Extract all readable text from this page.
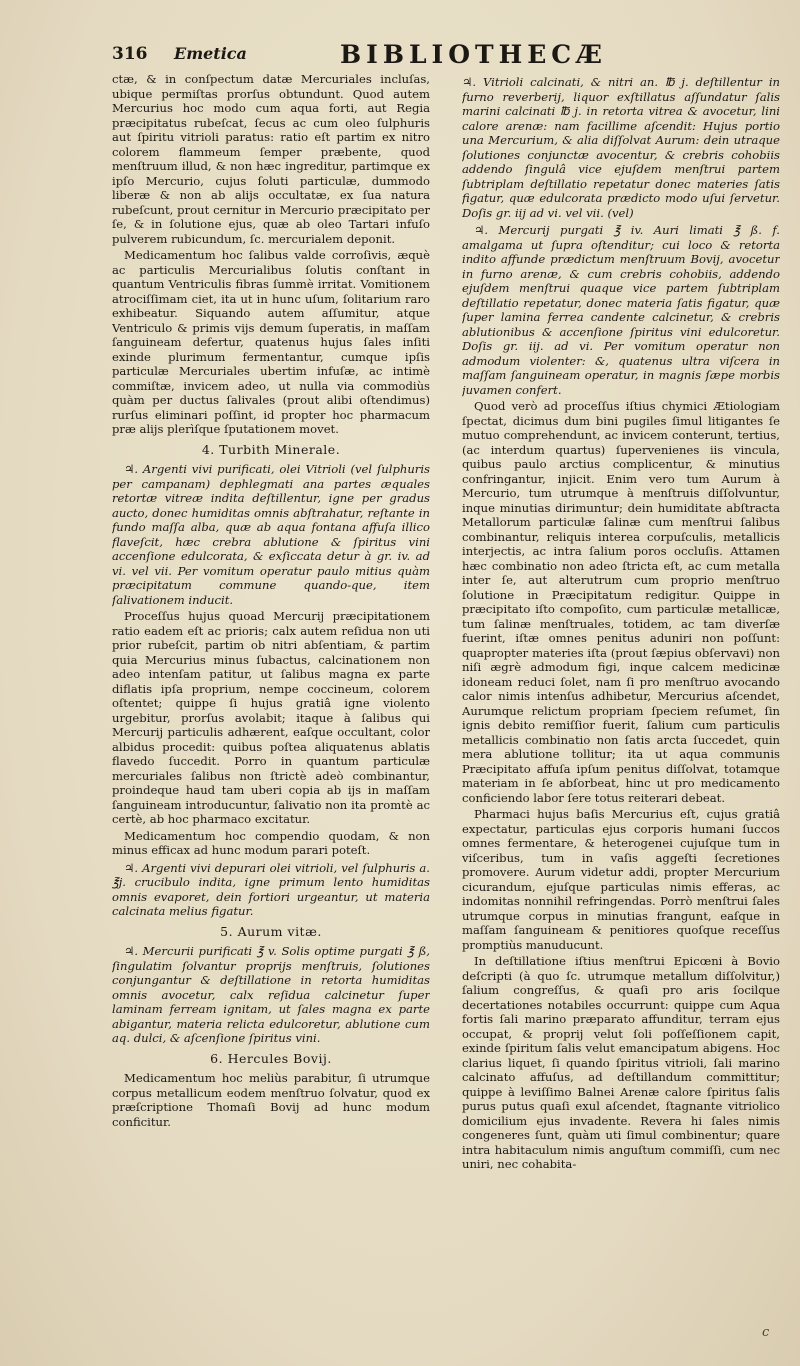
316 Emetica	BIBLIOTHECÆ

ctæ, & in conſpectum datæ Mercuriales incluſas, ubique permiſtas prorſus obtundunt. Quod autem Mercurius hoc modo cum aqua forti, aut Regia præcipitatus rubeſcat, ſecus ac cum oleo ſulphuris aut ſpiritu vitrioli paratus: ratio eſt partim ex nitro colorem flammeum ſemper præbente, quod menſtruum illud, & non hæc ingreditur, partimque ex ipſo Mercurio, cujus ſoluti particulæ, dummodo liberæ & non ab alijs occultatæ, ex ſua natura rubeſcunt, prout cernitur in Mercurio præcipitato per ſe, & in ſolutione ejus, quæ ab oleo Tartari infuſo pulverem rubicundum, ſc. mercurialem deponit.

Medicamentum hoc ſalibus valde corroſivis, æquè ac particulis Mercurialibus ſolutis conſtant in quantum Ventriculis fibras ſummè irritat. Vomitionem atrociſſimam ciet, ita ut in hunc uſum, ſolitarium raro exhibeatur. Siquando autem aſſumitur, atque Ventriculo & primis vijs demum ſuperatis, in maſſam ſanguineam defertur, quatenus hujus ſales inſiti exinde plurimum fermentantur, cumque ipſis particulæ Mercuriales ubertim infuſæ, ac intimè commiſtæ, invicem adeo, ut nulla via commodiùs quàm per ductus ſalivales (prout alibi oſtendimus) rurſus eliminari poſſint, id propter hoc pharmacum præ alijs plerìſque ſputationem movet.

4. Turbith Minerale.

♃. Argenti vivi purificati, olei Vitrioli (vel ſulphuris per campanam) dephlegmati ana partes æquales retortæ vitreæ indita deſtillentur, igne per gradus aucto, donec humiditas omnis abſtrahatur, reſtante in fundo maſſa alba, quæ ab aqua fontana affuſa illico flaveſcit, hæc crebra ablutione & ſpiritus vini accenſione edulcorata, & exſiccata detur à gr. iv. ad vi. vel vii. Per vomitum operatur paulo mitius quàm præcipitatum commune quando-que, item ſalivationem inducit.

Proceſſus hujus quoad Mercurij præcipitationem ratio eadem eſt ac prioris; calx autem reſidua non uti prior rubeſcit, partim ob nitri abſentiam, & partim quia Mercurius minus ſubactus, calcinationem non adeo intenſam patitur, ut ſalibus magna ex parte diflatis ipſa proprium, nempe coccineum, colorem oſtentet; quippe ſi hujus gratiâ igne violento urgebitur, prorſus avolabit; itaque à ſalibus qui Mercurij particulis adhærent, eaſque occultant, color albidus procedit: quibus poſtea aliquatenus ablatis flavedo ſuccedit. Porro in quantum particulæ mercuriales ſalibus non ſtrictè adeò combinantur, proindeque haud tam uberi copia ab ijs in maſſam ſanguineam introducuntur, ſalivatio non ita promtè ac certè, ab hoc pharmaco excitatur.

Medicamentum hoc compendio quodam, & non minus efficax ad hunc modum parari poteſt.

♃. Argenti vivi depurari olei vitrioli, vel ſulphuris a. ℥j. crucibulo indita, igne primum lento humiditas omnis evaporet, dein fortiori urgeantur, ut materia calcinata melius figatur.

5. Aurum vitæ.

♃. Mercurii purificati ℥ v. Solis optime purgati ℥ ß, ſingulatim ſolvantur proprijs menſtruis, ſolutiones conjungantur & deſtillatione in retorta humiditas omnis avocetur, calx reſidua calcinetur ſuper laminam ferream ignitam, ut ſales magna ex parte abigantur, materia relicta edulcoretur, ablutione cum aq. dulci, & aſcenſione ſpiritus vini.

6. Hercules Bovij.

Medicamentum hoc meliùs parabitur, ſi utrumque corpus metallicum eodem menſtruo ſolvatur, quod ex præſcriptione Thomaſi Bovij ad hunc modum conficitur.

♃. Vitrioli calcinati, & nitri an. ℔ j. deſtillentur in furno reverberij, liquor exſtillatus aſſundatur ſalis marini calcinati ℔ j. in retorta vitrea & avocetur, lini calore arenæ: nam facillime aſcendit: Hujus portio una Mercurium, & alia diſſolvat Aurum: dein utraque ſolutiones conjunctæ avocentur, & crebris cohobiis addendo ſingulâ vice ejuſdem menſtrui partem ſubtriplam deſtillatio repetatur donec materies ſatis figatur, quæ edulcorata prædicto modo uſui ſervetur. Doſis gr. iij ad vi. vel vii. (vel)

♃. Mercurij purgati ℥ iv. Auri limati ℥ ß. f. amalgama ut ſupra oſtenditur; cui loco & retorta indito affunde prædictum menſtruum Bovij, avocetur in furno arenæ, & cum crebris cohobiis, addendo ejuſdem menſtrui quaque vice partem ſubtriplam deſtillatio repetatur, donec materia ſatis figatur, quæ ſuper lamina ferrea candente calcinetur, & crebris ablutionibus & accenſione ſpiritus vini edulcoretur. Doſis gr. iij. ad vi. Per vomitum operatur non admodum violenter: &, quatenus ultra viſcera in maſſam ſanguineam operatur, in magnis ſæpe morbis juvamen confert.

Quod verò ad proceſſus iſtius chymici Ætiologiam ſpectat, dicimus dum bini pugiles ſimul litigantes ſe mutuo comprehendunt, ac invicem conterunt, tertius, (ac interdum quartus) ſupervenienes iis vincula, quibus paulo arctius complicentur, & minutius confringantur, injicit. Enim vero tum Aurum à Mercurio, tum utrumque à menſtruis diſſolvuntur, inque minutias dirimuntur; dein humiditate abſtracta Metallorum particulæ ſalinæ cum menſtrui ſalibus combinantur, reliquis interea corpuſculis, metallicis interjectis, ac intra ſalium poros occluſis. Attamen hæc combinatio non adeo ſtricta eſt, ac cum metalla inter ſe, aut alterutrum cum proprio menſtruo ſolutione in Præcipitatum redigitur. Quippe in præcipitato iſto compoſito, cum particulæ metallicæ, tum ſalinæ menſtruales, totidem, ac tam diverſæ fuerint, iſtæ omnes penitus aduniri non poſſunt: quapropter materies iſta (prout ſæpius obſervavi) non niſi ægrè admodum figi, inque calcem medicinæ idoneam reduci ſolet, nam ſi pro menſtruo avocando calor nimis intenſus adhibetur, Mercurius aſcendet, Aurumque relictum propriam ſpeciem reſumet, ſin ignis debito remiſſior fuerit, ſalium cum particulis metallicis combinatio non ſatis arcta ſuccedet, quin mera ablutione tollitur; ita ut aqua communis Præcipitato affuſa ipſum penitus diſſolvat, totamque materiam in ſe abſorbeat, hinc ut pro medicamento conficiendo labor ſere totus reiterari debeat.

Pharmaci hujus baſis Mercurius eſt, cujus gratiâ expectatur, particulas ejus corporis humani ſuccos omnes fermentare, & heterogenei cujuſque tum in viſceribus, tum in vaſis aggeſti ſecretiones promovere. Aurum videtur addi, propter Mercurium cicurandum, ejuſque particulas nimis efferas, ac indomitas nonnihil refringendas. Porrò menſtrui ſales utrumque corpus in minutias frangunt, eaſque in maſſam ſanguineam & penitiores quoſque receſſus promptiùs manuducunt.

In deſtillatione iſtius menſtrui Epicœni à Bovio deſcripti (à quo ſc. utrumque metallum diſſolvitur,) ſalium congreſſus, & quaſi pro aris ſocilque decertationes notabiles occurrunt: quippe cum Aqua fortis ſali marino præparato affunditur, terram ejus occupat, & proprij velut ſoli poſſeſſionem capit, exinde ſpiritum ſalis velut emancipatum abigens. Hoc clarius liquet, ſi quando ſpiritus vitrioli, ſali marino calcinato affuſus, ad deſtillandum committitur; quippe à leviſſimo Balnei Arenæ calore ſpiritus ſalis purus putus quaſi exul aſcendet, ſtagnante vitriolico domicilium ejus invadente. Revera hi ſales nimis congeneres ſunt, quàm uti ſimul combinentur; quare intra habitaculum nimis anguſtum commiſſi, cum nec uniri, nec cohabita-

c
